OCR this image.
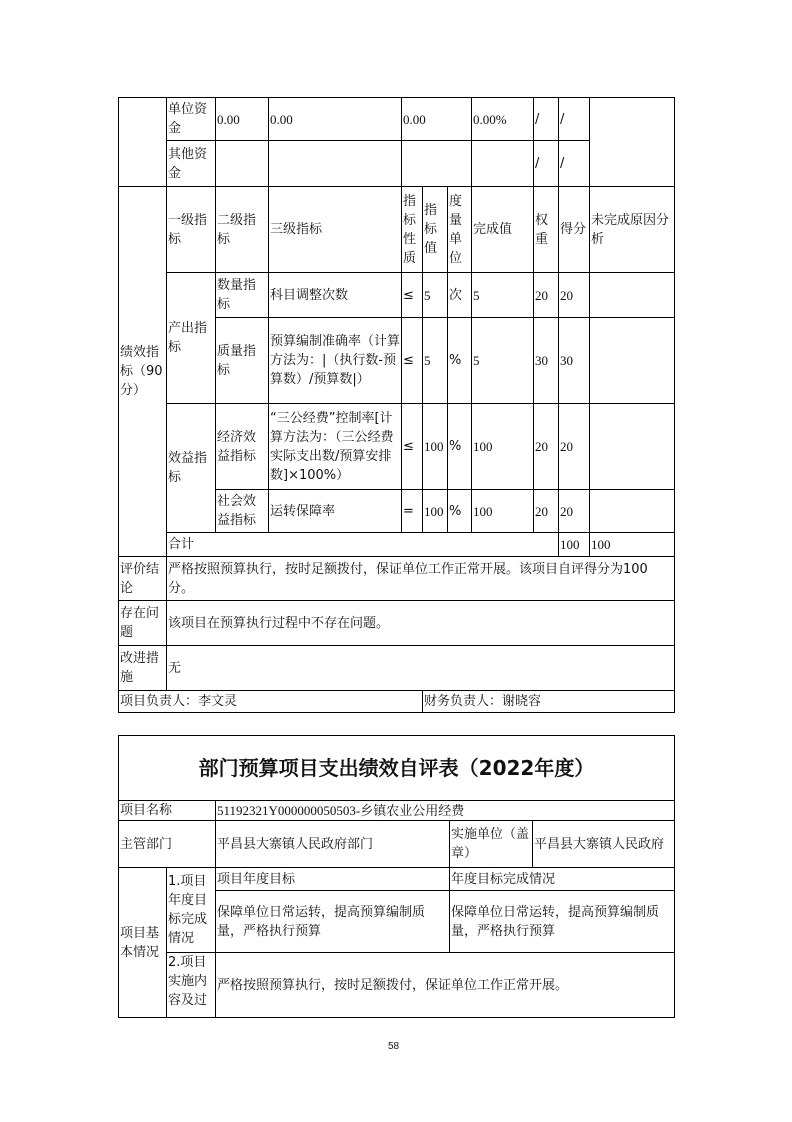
	单位资金	0.00	0.00	0.00			0.00%	/	/		
	其他资金							/	/		
绩效指标（90分）	一级指标	二级指标	三级指标	指标性质	指标值	度量单位	完成值	权重	得分	未完成原因分析	
	产出指标	数量指标	科目调整次数	≤	5	次	5	20	20		
		质量指标	预算编制准确率（计算方法为：|（执行数-预算数）/预算数|）	≤	5	%	5	30	30		
	效益指标	经济效益指标	“三公经费”控制率[计算方法为：（三公经费实际支出数/预算安排数]×100%）	≤	100	%	100	20	20		
		社会效益指标	运转保障率	=	100	%	100	20	20		
	合计								100	100	
评价结论	严格按照预算执行，按时足额拨付，保证单位工作正常开展。该项目自评得分为100分。										
存在问题	该项目在预算执行过程中不存在问题。										
改进措施	无										
项目负责人：李文灵					财务负责人：谢晓容						
部门预算项目支出绩效自评表（2022年度）				
项目名称		51192321Y000000050503-乡镇农业公用经费		
主管部门		平昌县大寨镇人民政府部门	实施单位（盖章）	平昌县大寨镇人民政府
项目基本情况	1.项目年度目标完成情况	项目年度目标	年度目标完成情况	
		保障单位日常运转，提高预算编制质量，严格执行预算	保障单位日常运转，提高预算编制质量，严格执行预算	
	2.项目实施内容及过	严格按照预算执行，按时足额拨付，保证单位工作正常开展。		
58
